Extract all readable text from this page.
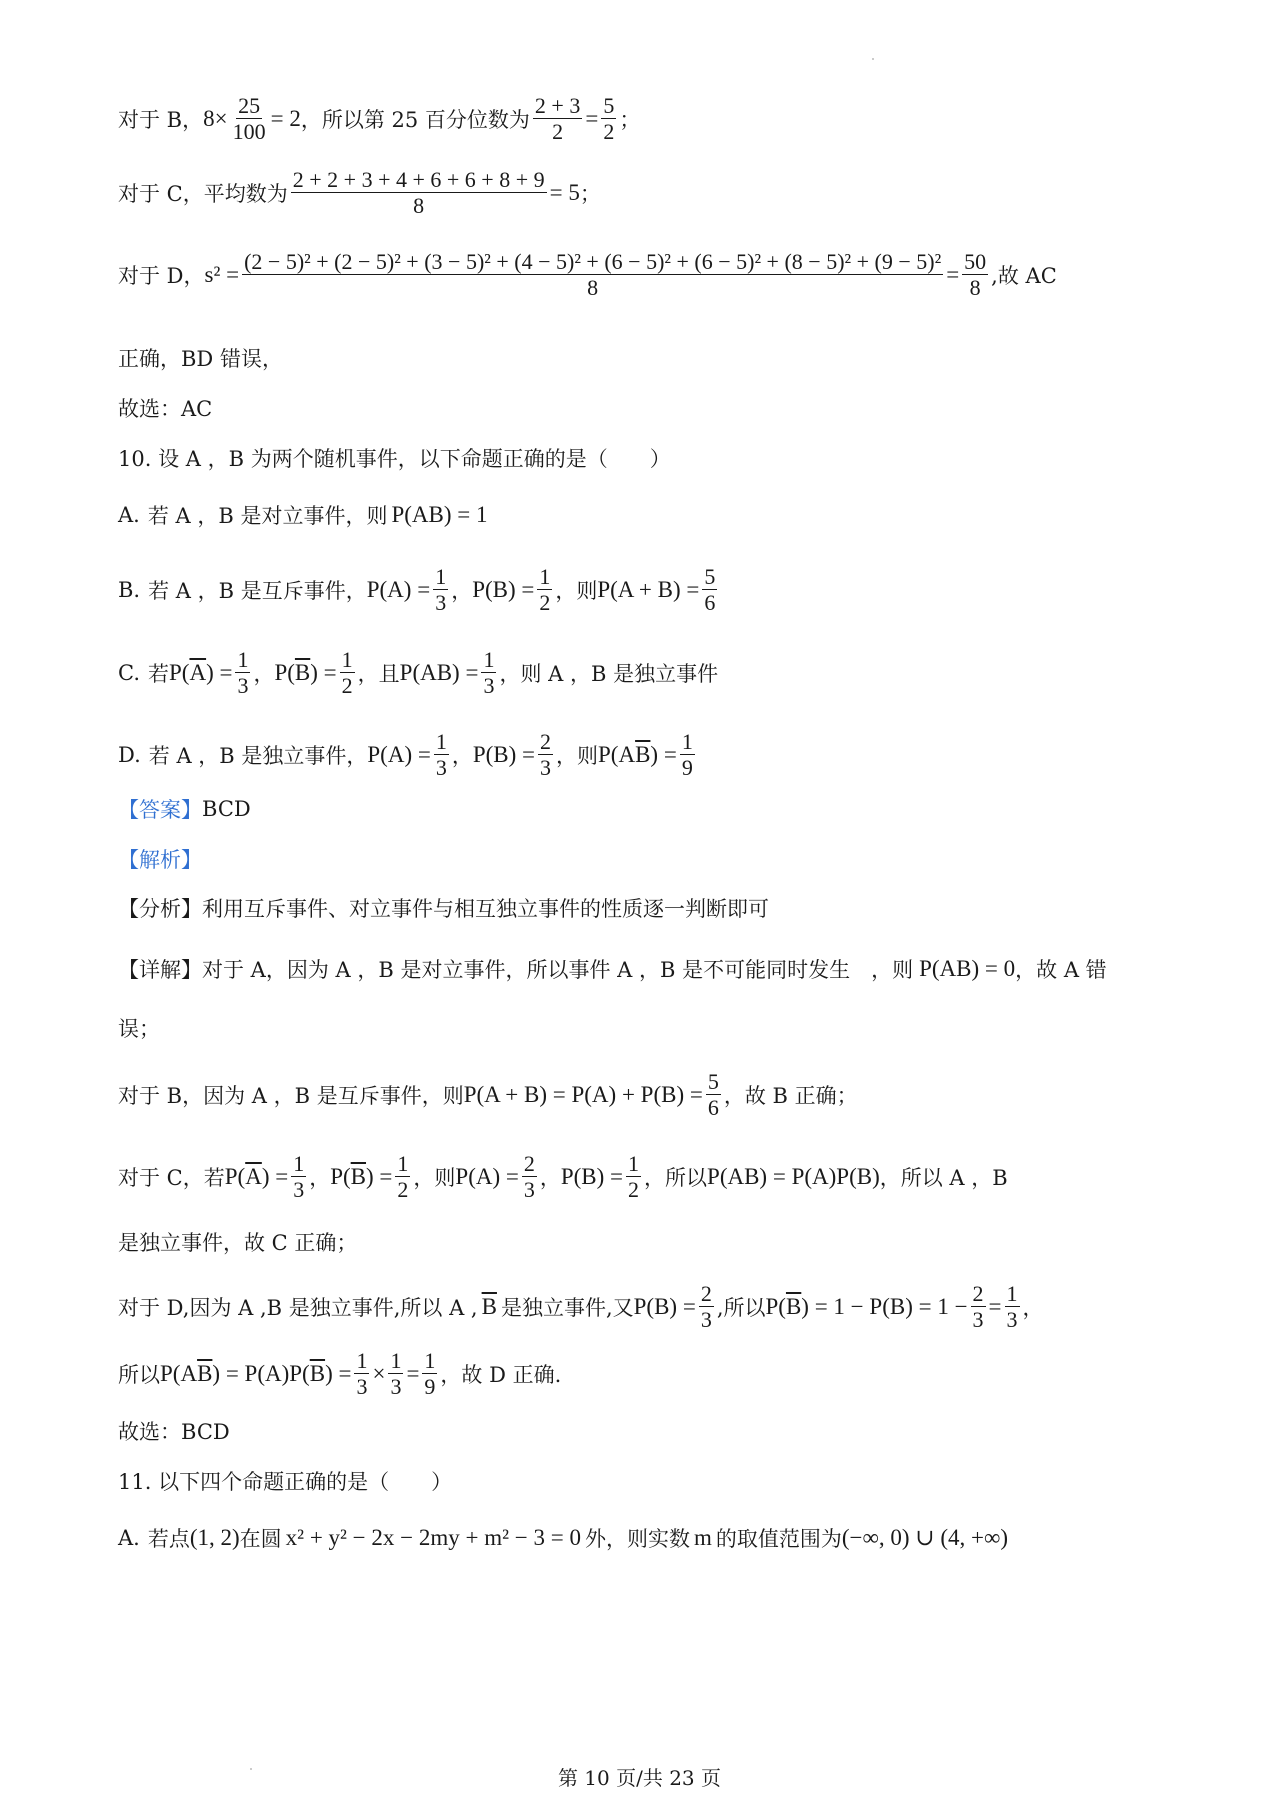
对于 B， $8\times \frac{25}{100} = 2$ ，所以第 25 百分位数为 $\frac{2 + 3}{2} = \frac{5}{2}$ ；
对于 C，平均数为 $\frac{2 + 2 + 3 + 4 + 6 + 6 + 8 + 9}{8} = 5$ ；
对于 D， s² =
(2 − 5)² + (2 − 5)² + (3 − 5)² + (4 − 5)² + (6 − 5)² + (6 − 5)² + (8 − 5)² + (9 − 5)²
8
= $\frac{50}{8}$ ,故 AC
正确，BD 错误，
故选：AC
10. 设 A ，B 为两个随机事件，以下命题正确的是（　　）
A. 若 A ，B 是对立事件，则 P(AB) = 1
B. 若 A ，B 是互斥事件， $P(A) = \frac{1}{3}$ ， $P(B) = \frac{1}{2}$ ，则 $P(A + B) = \frac{5}{6}$
C. 若 $P(\overline{A}) = \frac{1}{3}$ ， $P(\overline{B}) = \frac{1}{2}$ ，且 $P(AB) = \frac{1}{3}$ ，则 A ，B 是独立事件
D. 若 A ，B 是独立事件， $P(A) = \frac{1}{3}$ ， $P(B) = \frac{2}{3}$ ，则 $P(A\overline{B}) = \frac{1}{9}$
【答案】 BCD
【解析】
【分析】 利用互斥事件、对立事件与相互独立事件的性质逐一判断即可
【详解】 对于 A，因为 A ，B 是对立事件，所以事件 A ，B 是不可能同时发生　，则 P(AB) = 0 ，故 A 错
误；
对于 B，因为 A ，B 是互斥事件，则 $P(A + B) = P(A) + P(B) = \frac{5}{6}$ ，故 B 正确；
对于 C，若 $P(\overline{A}) = \frac{1}{3}$ ， $P(\overline{B}) = \frac{1}{2}$ ，则 $P(A) = \frac{2}{3}$ ， $P(B) = \frac{1}{2}$ ，所以 P(AB) = P(A)P(B) ，所以 A ，B
是独立事件，故 C 正确；
对于 D,因为 A ,B 是独立事件,所以 A , $\overline{B}$ 是独立事件,又 $P(B) = \frac{2}{3}$ ,所以 $P(\overline{B}) = 1 - P(B) = 1 - \frac{2}{3} = \frac{1}{3}$ ，
所以 $P(A\overline{B}) = P(A)P(\overline{B}) = \frac{1}{3} \times \frac{1}{3} = \frac{1}{9}$ ，故 D 正确.
故选：BCD
11. 以下四个命题正确的是（　　）
A. 若点 (1, 2) 在圆 x² + y² − 2x − 2my + m² − 3 = 0 外，则实数 m 的取值范围为 (−∞, 0) ∪ (4, +∞)
第 10 页/共 23 页
